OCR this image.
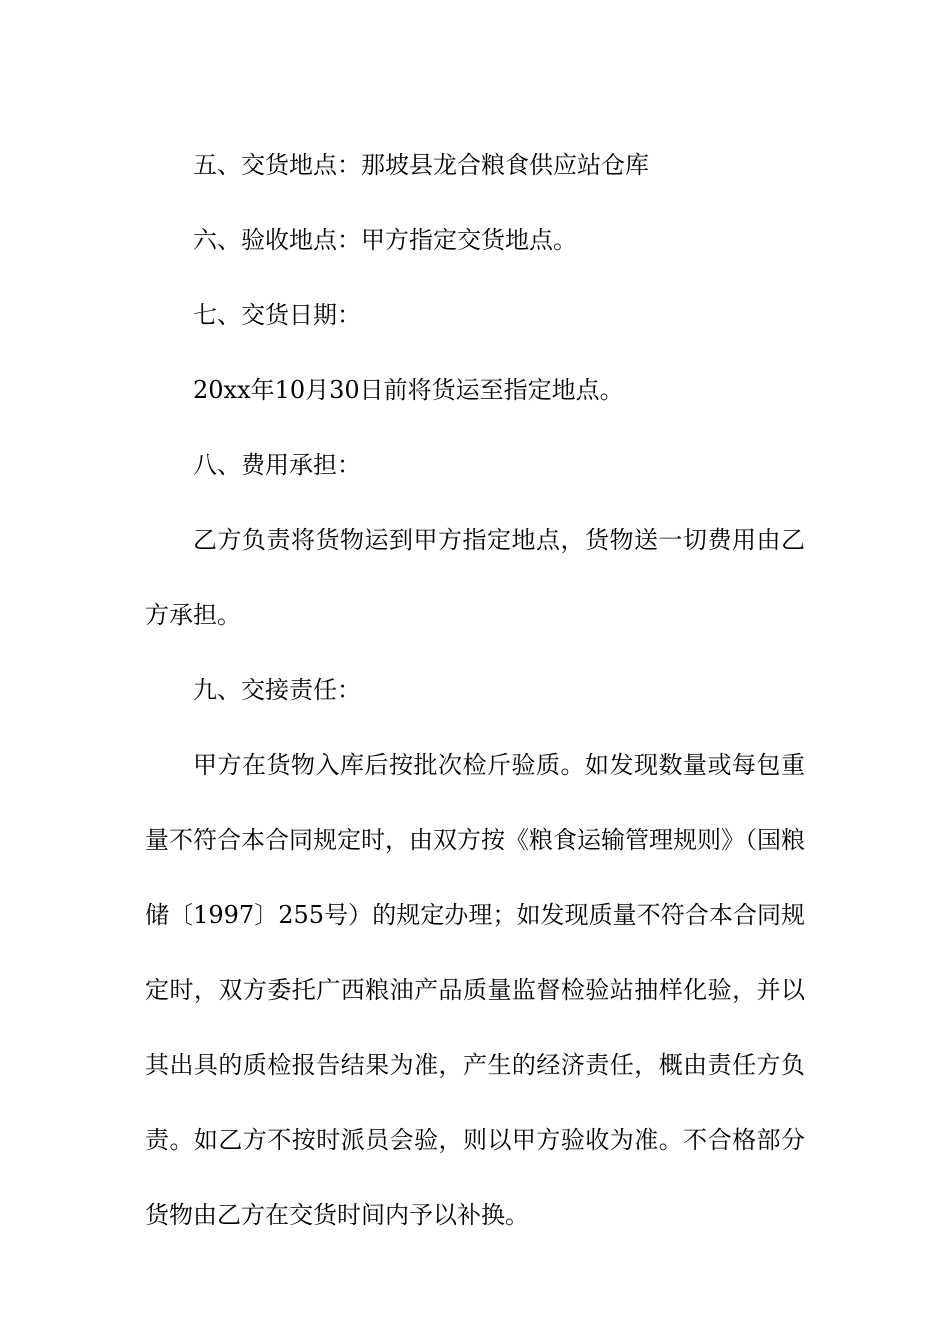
五、交货地点：那坡县龙合粮食供应站仓库

六、验收地点：甲方指定交货地点。

七、交货日期：

20xx年10月30日前将货运至指定地点。

八、费用承担：

乙方负责将货物运到甲方指定地点，货物送一切费用由乙方承担。

九、交接责任：

甲方在货物入库后按批次检斤验质。如发现数量或每包重量不符合本合同规定时，由双方按《粮食运输管理规则》（国粮储〔1997〕255号）的规定办理；如发现质量不符合本合同规定时，双方委托广西粮油产品质量监督检验站抽样化验，并以其出具的质检报告结果为准，产生的经济责任，概由责任方负责。如乙方不按时派员会验，则以甲方验收为准。不合格部分货物由乙方在交货时间内予以补换。
